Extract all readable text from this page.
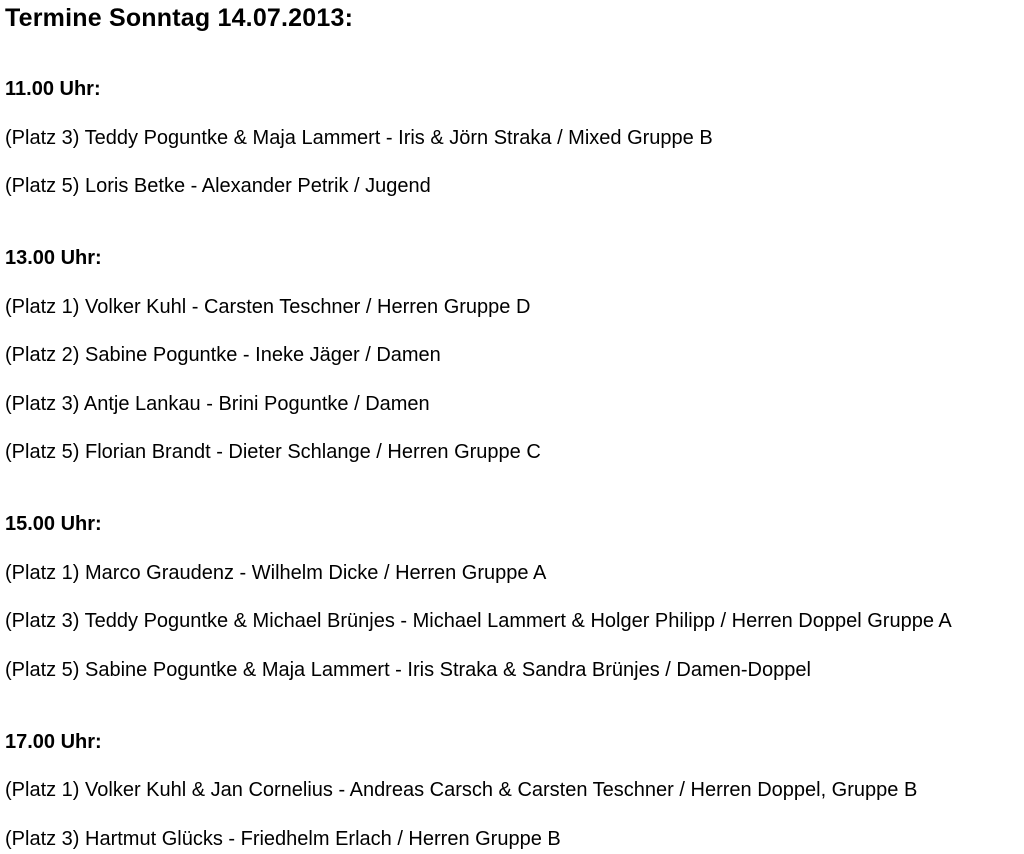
Termine Sonntag 14.07.2013:
11.00 Uhr:

(Platz 3) Teddy Poguntke & Maja Lammert - Iris & Jörn Straka / Mixed Gruppe B

(Platz 5) Loris Betke - Alexander Petrik / Jugend

13.00 Uhr:

(Platz 1) Volker Kuhl - Carsten Teschner / Herren Gruppe D

(Platz 2) Sabine Poguntke - Ineke Jäger / Damen

(Platz 3) Antje Lankau - Brini Poguntke / Damen

(Platz 5) Florian Brandt - Dieter Schlange / Herren Gruppe C

15.00 Uhr:

(Platz 1) Marco Graudenz - Wilhelm Dicke / Herren Gruppe A

(Platz 3) Teddy Poguntke & Michael Brünjes - Michael Lammert & Holger Philipp / Herren Doppel Gruppe A

(Platz 5) Sabine Poguntke & Maja Lammert - Iris Straka & Sandra Brünjes / Damen-Doppel

17.00 Uhr:

(Platz 1) Volker Kuhl & Jan Cornelius - Andreas Carsch & Carsten Teschner / Herren Doppel, Gruppe B

(Platz 3) Hartmut Glücks - Friedhelm Erlach / Herren Gruppe B
